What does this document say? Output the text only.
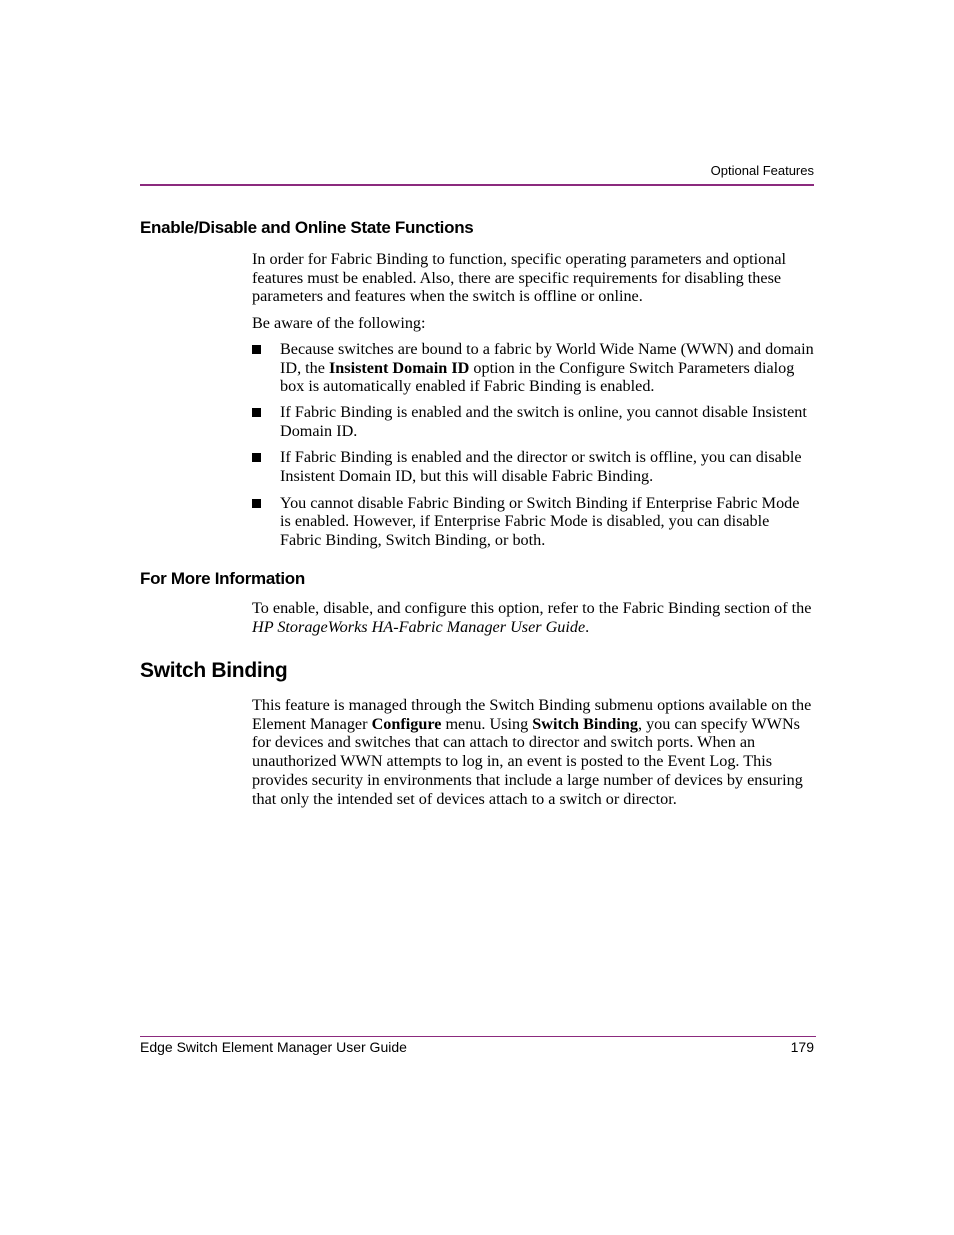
Optional Features
Enable/Disable and Online State Functions

In order for Fabric Binding to function, specific operating parameters and optional features must be enabled. Also, there are specific requirements for disabling these parameters and features when the switch is offline or online.

Be aware of the following:

Because switches are bound to a fabric by World Wide Name (WWN) and domain ID, the Insistent Domain ID option in the Configure Switch Parameters dialog box is automatically enabled if Fabric Binding is enabled.
If Fabric Binding is enabled and the switch is online, you cannot disable Insistent Domain ID.
If Fabric Binding is enabled and the director or switch is offline, you can disable Insistent Domain ID, but this will disable Fabric Binding.
You cannot disable Fabric Binding or Switch Binding if Enterprise Fabric Mode is enabled. However, if Enterprise Fabric Mode is disabled, you can disable Fabric Binding, Switch Binding, or both.
For More Information

To enable, disable, and configure this option, refer to the Fabric Binding section of the HP StorageWorks HA-Fabric Manager User Guide.

Switch Binding

This feature is managed through the Switch Binding submenu options available on the Element Manager Configure menu. Using Switch Binding, you can specify WWNs for devices and switches that can attach to director and switch ports. When an unauthorized WWN attempts to log in, an event is posted to the Event Log. This provides security in environments that include a large number of devices by ensuring that only the intended set of devices attach to a switch or director.

Edge Switch Element Manager User Guide	179
